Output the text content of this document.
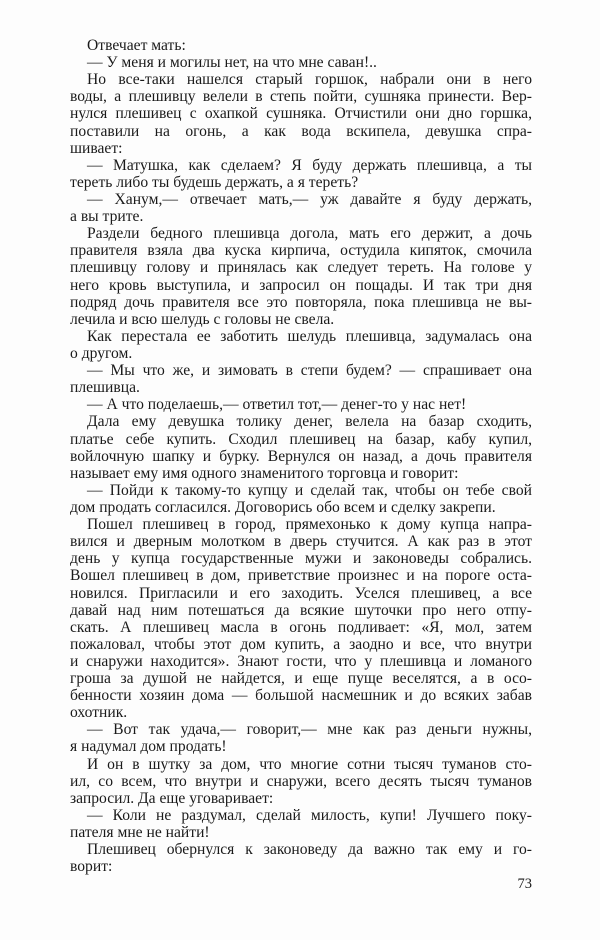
Отвечает мать:
— У меня и могилы нет, на что мне саван!..
Но все-таки нашелся старый горшок, набрали они в него
воды, а плешивцу велели в степь пойти, сушняка принести. Вер-
нулся плешивец с охапкой сушняка. Отчистили они дно горшка,
поставили на огонь, а как вода вскипела, девушка спра-
шивает:
— Матушка, как сделаем? Я буду держать плешивца, а ты
тереть либо ты будешь держать, а я тереть?
— Ханум,— отвечает мать,— уж давайте я буду держать,
а вы трите.
Раздели бедного плешивца догола, мать его держит, а дочь
правителя взяла два куска кирпича, остудила кипяток, смочила
плешивцу голову и принялась как следует тереть. На голове у
него кровь выступила, и запросил он пощады. И так три дня
подряд дочь правителя все это повторяла, пока плешивца не вы-
лечила и всю шелудь с головы не свела.
Как перестала ее заботить шелудь плешивца, задумалась она
о другом.
— Мы что же, и зимовать в степи будем? — спрашивает она
плешивца.
— А что поделаешь,— ответил тот,— денег-то у нас нет!
Дала ему девушка толику денег, велела на базар сходить,
платье себе купить. Сходил плешивец на базар, кабу купил,
войлочную шапку и бурку. Вернулся он назад, а дочь правителя
называет ему имя одного знаменитого торговца и говорит:
— Пойди к такому-то купцу и сделай так, чтобы он тебе свой
дом продать согласился. Договорись обо всем и сделку закрепи.
Пошел плешивец в город, прямехонько к дому купца напра-
вился и дверным молотком в дверь стучится. А как раз в этот
день у купца государственные мужи и законоведы собрались.
Вошел плешивец в дом, приветствие произнес и на пороге оста-
новился. Пригласили и его заходить. Уселся плешивец, а все
давай над ним потешаться да всякие шуточки про него отпу-
скать. А плешивец масла в огонь подливает: «Я, мол, затем
пожаловал, чтобы этот дом купить, а заодно и все, что внутри
и снаружи находится». Знают гости, что у плешивца и ломаного
гроша за душой не найдется, и еще пуще веселятся, а в осо-
бенности хозяин дома — большой насмешник и до всяких забав
охотник.
— Вот так удача,— говорит,— мне как раз деньги нужны,
я надумал дом продать!
И он в шутку за дом, что многие сотни тысяч туманов сто-
ил, со всем, что внутри и снаружи, всего десять тысяч туманов
запросил. Да еще уговаривает:
— Коли не раздумал, сделай милость, купи! Лучшего поку-
пателя мне не найти!
Плешивец обернулся к законоведу да важно так ему и го-
ворит:
73
